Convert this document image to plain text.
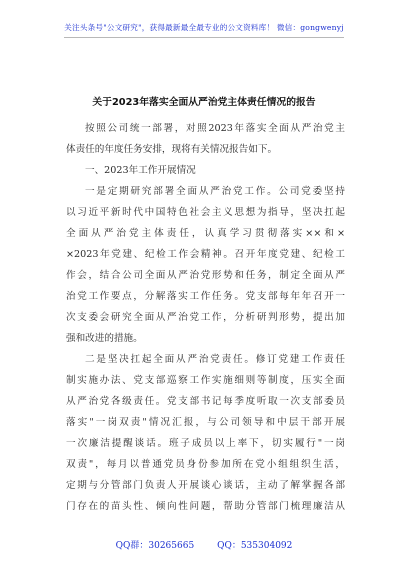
关注头条号"公文研究"，获得最新最全最专业的公文资料库！ 微信：gongwenyj
关于2023年落实全面从严治党主体责任情况的报告
按照公司统一部署，对照2023年落实全面从严治党主
体责任的年度任务安排，现将有关情况报告如下。
一、2023年工作开展情况
一是定期研究部署全面从严治党工作。公司党委坚持
以习近平新时代中国特色社会主义思想为指导，坚决扛起
全面从严治党主体责任，认真学习贯彻落实××和×
×2023年党建、纪检工作会精神。召开年度党建、纪检工
作会，结合公司全面从严治党形势和任务，制定全面从严
治党工作要点，分解落实工作任务。党支部每年年召开一
次支委会研究全面从严治党工作，分析研判形势，提出加
强和改进的措施。
二是坚决扛起全面从严治党责任。修订党建工作责任
制实施办法、党支部巡察工作实施细则等制度，压实全面
从严治党各级责任。党支部书记每季度听取一次支部委员
落实"一岗双责"情况汇报，与公司领导和中层干部开展
一次廉洁提醒谈话。班子成员以上率下，切实履行"一岗
双责"，每月以普通党员身份参加所在党小组组织生活，
定期与分管部门负责人开展谈心谈话，主动了解掌握各部
门存在的苗头性、倾向性问题，帮助分管部门梳理廉洁从
QQ群：30265665	QQ：535304092
